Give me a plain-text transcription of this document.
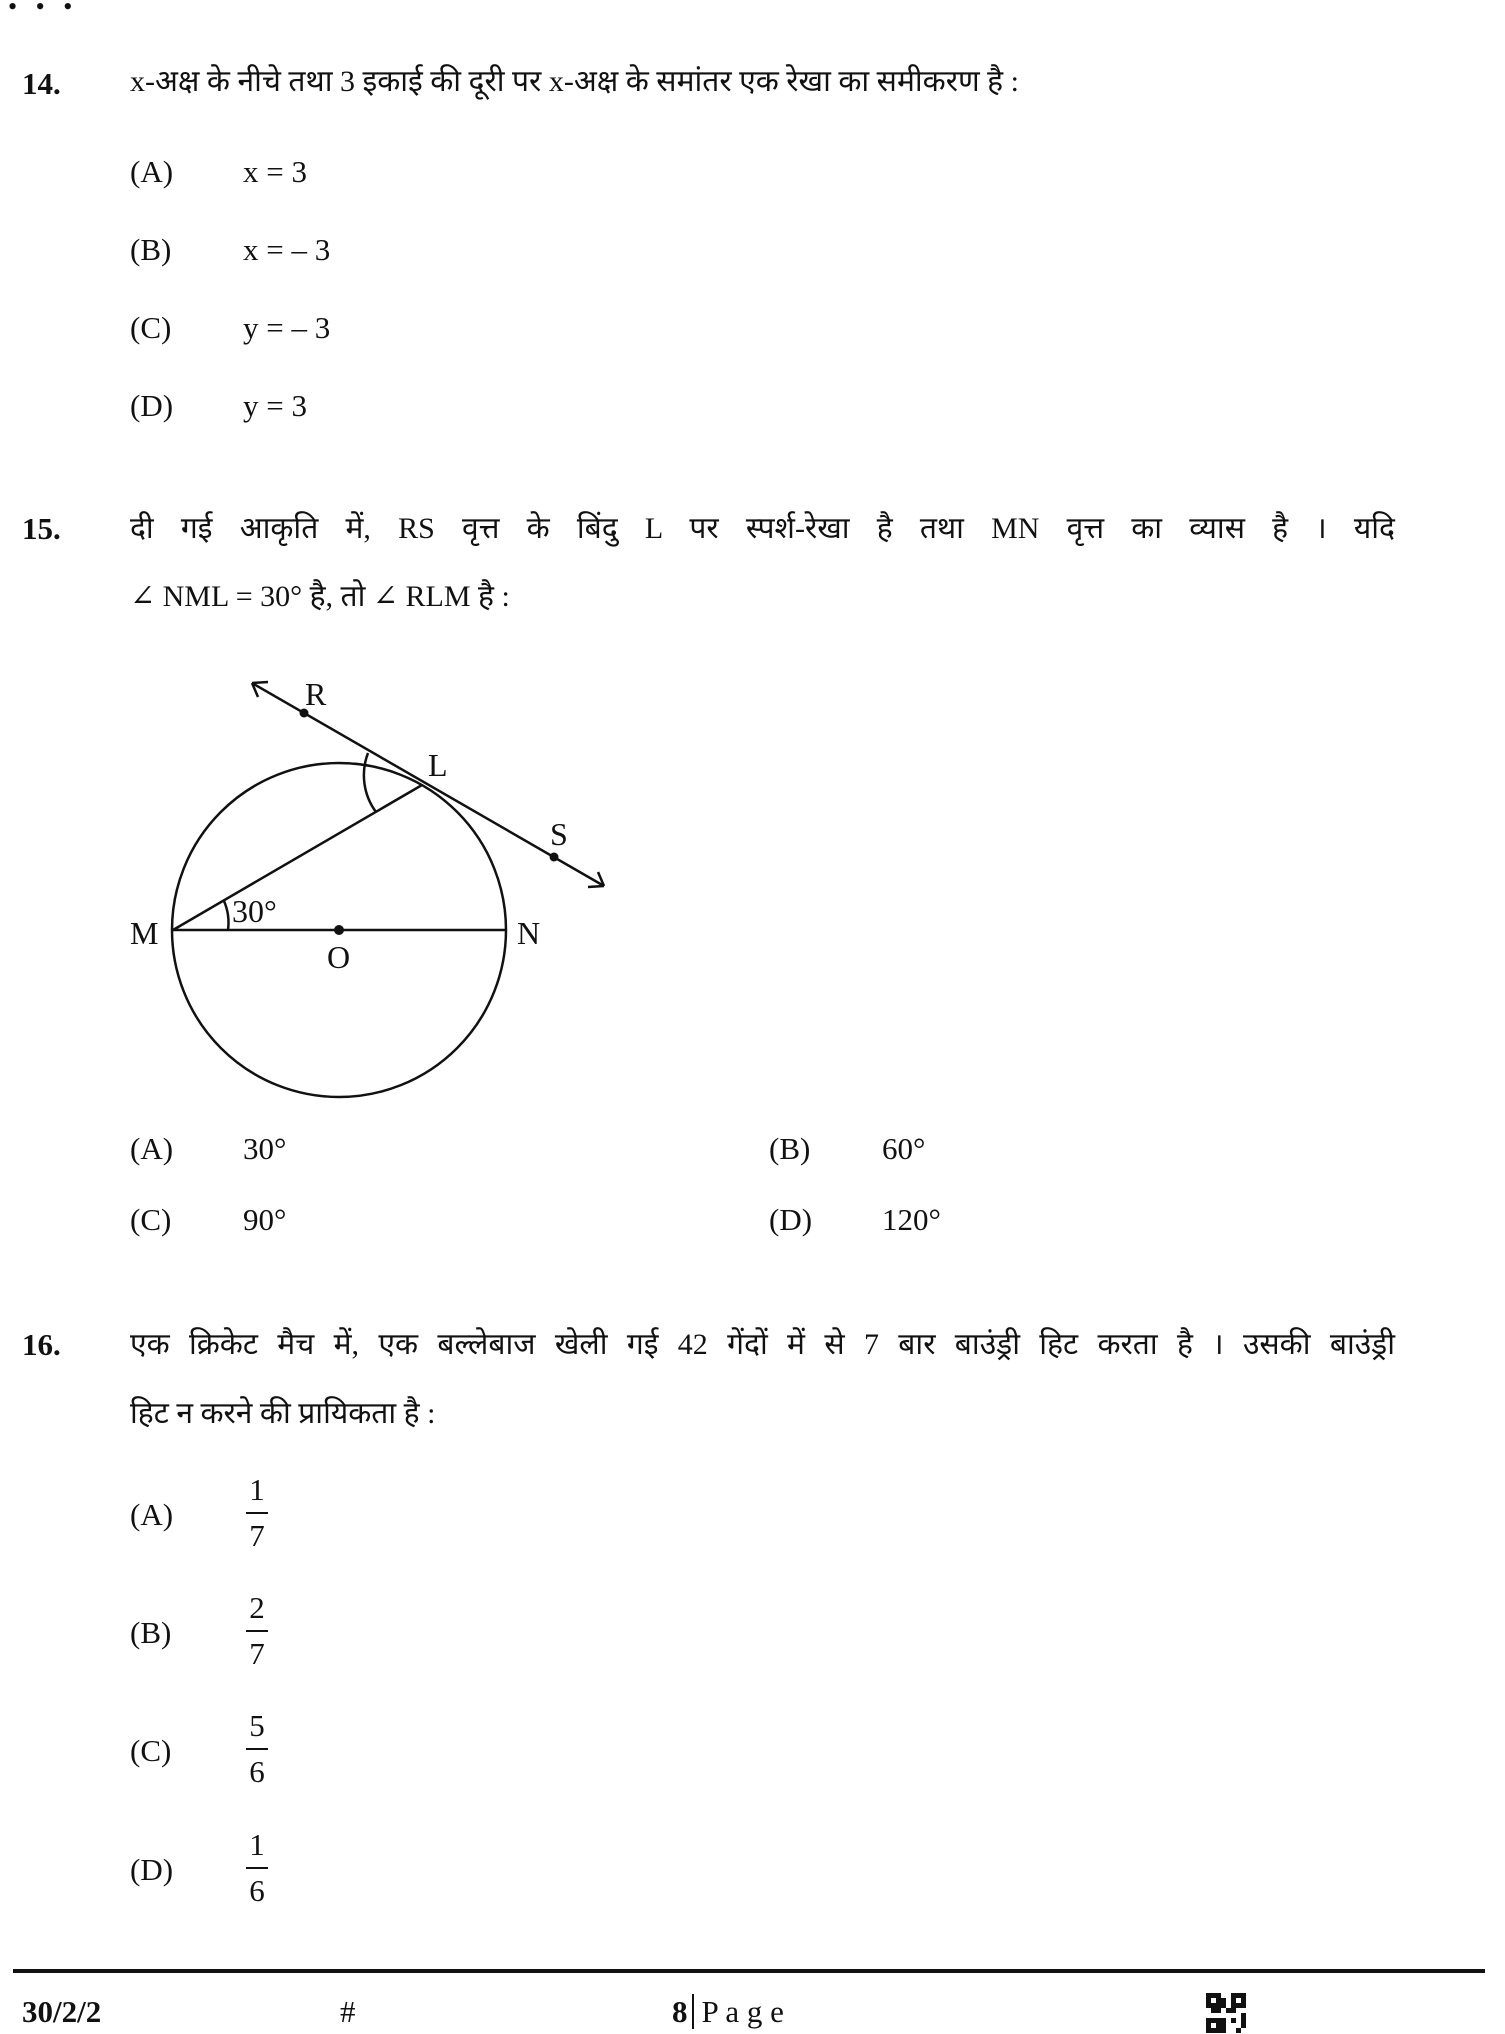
• • •
14. x-अक्ष के नीचे तथा 3 इकाई की दूरी पर x-अक्ष के समांतर एक रेखा का समीकरण है :
(A) x = 3
(B) x = – 3
(C) y = – 3
(D) y = 3
15. दी गई आकृति में, RS वृत्त के बिंदु L पर स्पर्श-रेखा है तथा MN वृत्त का व्यास है । यदि
∠ NML = 30° है, तो ∠ RLM है :
R
L
S
M	N
O
30°
(A) 30°	(B) 60°
(C) 90°	(D) 120°
16. एक क्रिकेट मैच में, एक बल्लेबाज खेली गई 42 गेंदों में से 7 बार बाउंड्री हिट करता है । उसकी बाउंड्री
हिट न करने की प्रायिकता है :
(A)
1
7
(B)
2
7
(C)
5
6
(D)
1
6
30/2/2	#	8 P a g e
